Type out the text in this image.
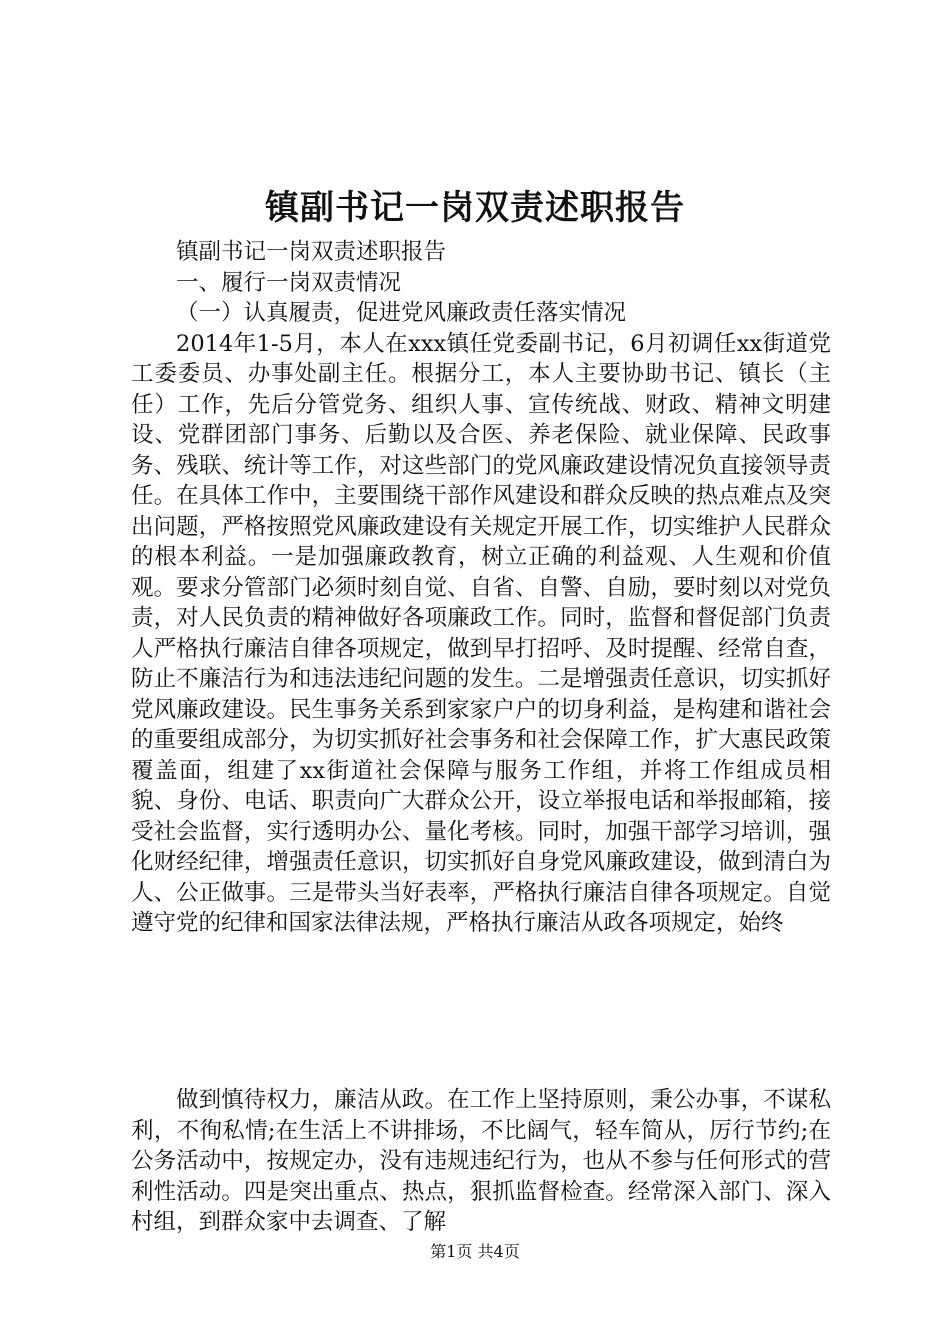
镇副书记一岗双责述职报告

镇副书记一岗双责述职报告

一、履行一岗双责情况

（一）认真履责，促进党风廉政责任落实情况

2014年1-5月，本人在xxx镇任党委副书记，6月初调任xx街道党工委委员、办事处副主任。根据分工，本人主要协助书记、镇长（主任）工作，先后分管党务、组织人事、宣传统战、财政、精神文明建设、党群团部门事务、后勤以及合医、养老保险、就业保障、民政事务、残联、统计等工作，对这些部门的党风廉政建设情况负直接领导责任。在具体工作中，主要围绕干部作风建设和群众反映的热点难点及突出问题，严格按照党风廉政建设有关规定开展工作，切实维护人民群众的根本利益。一是加强廉政教育，树立正确的利益观、人生观和价值观。要求分管部门必须时刻自觉、自省、自警、自励，要时刻以对党负责，对人民负责的精神做好各项廉政工作。同时，监督和督促部门负责人严格执行廉洁自律各项规定，做到早打招呼、及时提醒、经常自查，防止不廉洁行为和违法违纪问题的发生。二是增强责任意识，切实抓好党风廉政建设。民生事务关系到家家户户的切身利益，是构建和谐社会的重要组成部分，为切实抓好社会事务和社会保障工作，扩大惠民政策覆盖面，组建了xx街道社会保障与服务工作组，并将工作组成员相貌、身份、电话、职责向广大群众公开，设立举报电话和举报邮箱，接受社会监督，实行透明办公、量化考核。同时，加强干部学习培训，强化财经纪律，增强责任意识，切实抓好自身党风廉政建设，做到清白为人、公正做事。三是带头当好表率，严格执行廉洁自律各项规定。自觉遵守党的纪律和国家法律法规，严格执行廉洁从政各项规定，始终

做到慎待权力，廉洁从政。在工作上坚持原则，秉公办事，不谋私利，不徇私情;在生活上不讲排场，不比阔气，轻车简从，厉行节约;在公务活动中，按规定办，没有违规违纪行为，也从不参与任何形式的营利性活动。四是突出重点、热点，狠抓监督检查。经常深入部门、深入村组，到群众家中去调查、了解

第1页 共4页
